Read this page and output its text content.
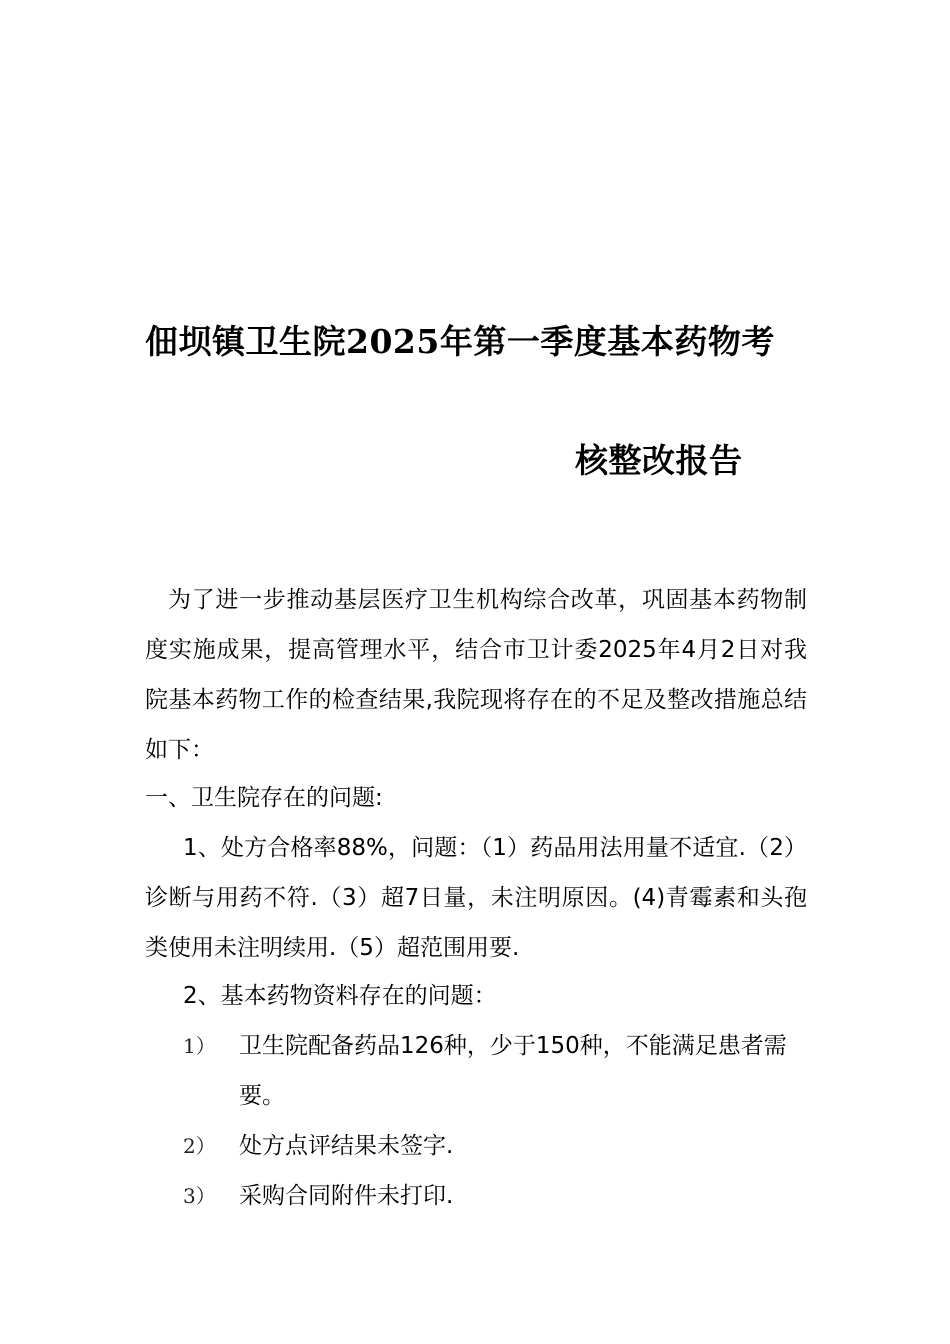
佃坝镇卫生院2025年第一季度基本药物考
核整改报告
为了进一步推动基层医疗卫生机构综合改革，巩固基本药物制度实施成果，提高管理水平，结合市卫计委2025年4月2日对我院基本药物工作的检查结果,我院现将存在的不足及整改措施总结如下：
一、卫生院存在的问题:
1、处方合格率88%，问题：（1）药品用法用量不适宜.（2）诊断与用药不符.（3）超7日量，未注明原因。(4)青霉素和头孢类使用未注明续用.（5）超范围用要.
2、基本药物资料存在的问题：
1） 卫生院配备药品126种，少于150种，不能满足患者需要。
2） 处方点评结果未签字.
3） 采购合同附件未打印.
